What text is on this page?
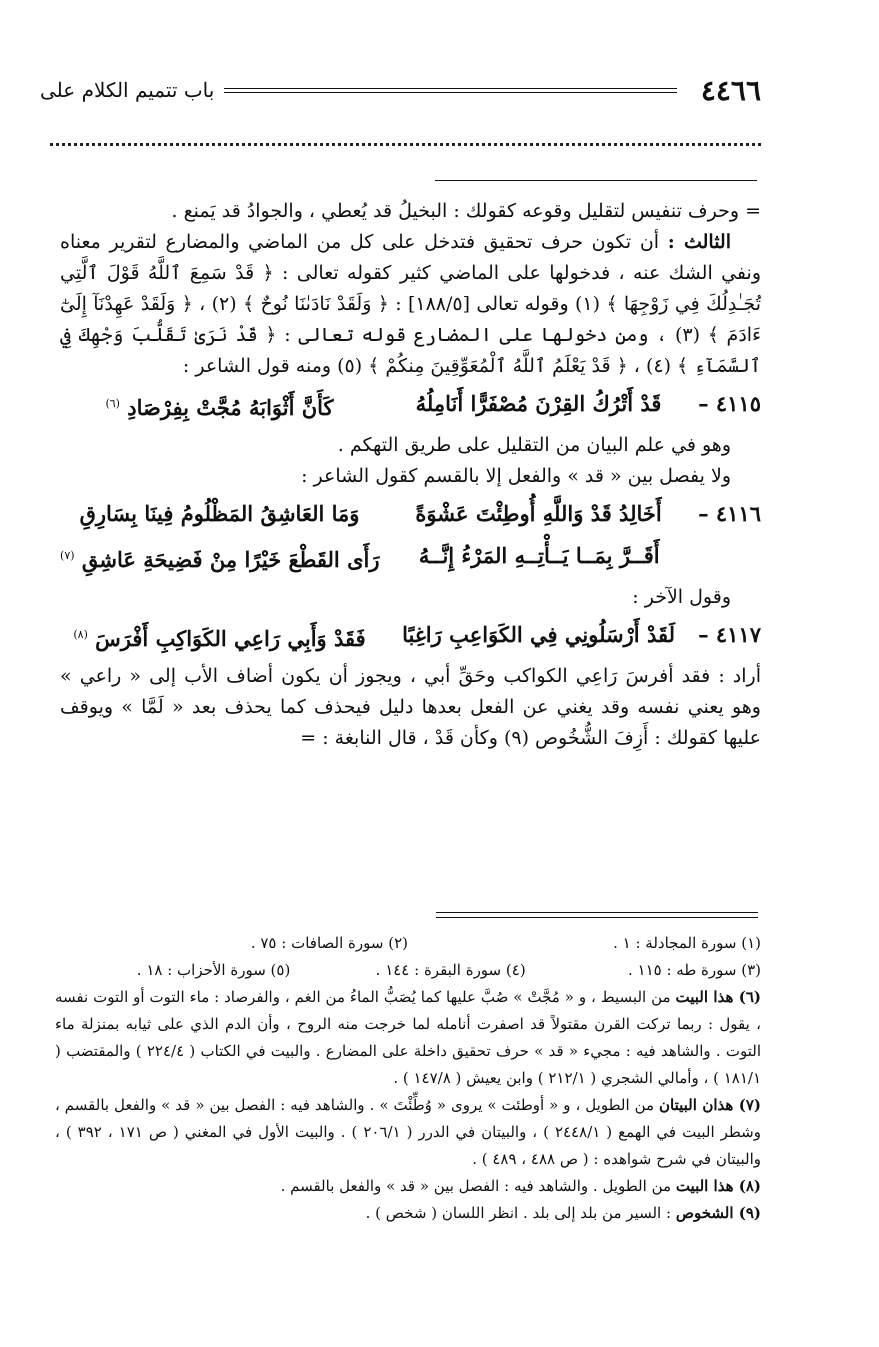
٤٤٦٦
باب تتميم الكلام على

= وحرف تنفيس لتقليل وقوعه كقولك : البخيلُ قد يُعطي ، والجوادُ قد يَمنع .

الثالث : أن تكون حرف تحقيق فتدخل على كل من الماضي والمضارع لتقرير معناه ونفي الشك عنه ، فدخولها على الماضي كثير كقوله تعالى : ﴿ قَدْ سَمِعَ ٱللَّهُ قَوْلَ ٱلَّتِي تُجَـٰدِلُكَ فِي زَوْجِهَا ﴾ (١) وقوله تعالى [١٨٨/٥] : ﴿ وَلَقَدْ نَادَىٰنَا نُوحٌ ﴾ (٢) ، ﴿ وَلَقَدْ عَهِدْنَآ إِلَىٰٓ ءَادَمَ ﴾ (٣) ، ومن دخولها على المضارع قوله تعالى : ﴿ قَدْ نَرَىٰ تَقَلُّبَ وَجْهِكَ فِي ٱلسَّمَآءِ ﴾ (٤) ، ﴿ قَدْ يَعْلَمُ ٱللَّهُ ٱلْمُعَوِّقِينَ مِنكُمْ ﴾ (٥) ومنه قول الشاعر :

٤١١٥ –
قَدْ أَتْرُكُ القِرْنَ مُصْفَرًّا أَنَامِلُهُ
كَأَنَّ أَثْوَابَهُ مُجَّتْ بِفِرْصَادِ $^{(٦)}$

وهو في علم البيان من التقليل على طريق التهكم .

ولا يفصل بين « قد » والفعل إلا بالقسم كقول الشاعر :

٤١١٦ –
أَخَالِدُ قَدْ وَاللَّهِ أُوطِئْتَ عَشْوَةً
وَمَا العَاشِقُ المَظْلُومُ فِينَا بِسَارِقِ
أَقَــرَّ بِمَــا يَــأْتِــهِ المَرْءُ إِنَّــهُ
رَأَى القَطْعَ خَيْرًا مِنْ فَضِيحَةِ عَاشِقِ $^{(٧)}$

وقول الآخر :

٤١١٧ –
لَقَدْ أَرْسَلُونِي فِي الكَوَاعِبِ رَاغِبًا
فَقَدْ وَأَبِي رَاعِي الكَوَاكِبِ أَفْرَسَ $^{(٨)}$

أراد : فقد أفرسَ رَاعِي الكواكب وحَقِّ أبي ، ويجوز أن يكون أضاف الأب إلى « راعي » وهو يعني نفسه وقد يغني عن الفعل بعدها دليل فيحذف كما يحذف بعد « لَمَّا » ويوقف عليها كقولك : أَزِفَ الشُّخُوص (٩) وكأن قَدْ ، قال النابغة : =

(١) سورة المجادلة : ١ .
(٢) سورة الصافات : ٧٥ .
(٣) سورة طه : ١١٥ .
(٤) سورة البقرة : ١٤٤ .
(٥) سورة الأحزاب : ١٨ .

(٦) هذا البيت من البسيط ، و « مُجَّتْ » صُبَّ عليها كما يُصَبُّ الماءُ من الغم ، والفرصاد : ماء التوت أو التوت نفسه ، يقول : ربما تركت القرن مقتولاً قد اصفرت أنامله لما خرجت منه الروح ، وأن الدم الذي على ثيابه بمنزلة ماء التوت . والشاهد فيه : مجيء « قد » حرف تحقيق داخلة على المضارع . والبيت في الكتاب ( ٢٢٤/٤ ) والمقتضب ( ١٨١/١ ) ، وأمالي الشجري ( ٢١٢/١ ) وابن يعيش ( ١٤٧/٨ ) .

(٧) هذان البيتان من الطويل ، و « أوطئت » يروى « وُطِّئْتَ » . والشاهد فيه : الفصل بين « قد » والفعل بالقسم ، وشطر البيت في الهمع ( ٢٤٤٨/١ ) ، والبيتان في الدرر ( ٢٠٦/١ ) . والبيت الأول في المغني ( ص ١٧١ ، ٣٩٢ ) ، والبيتان في شرح شواهده : ( ص ٤٨٨ ، ٤٨٩ ) .

(٨) هذا البيت من الطويل . والشاهد فيه : الفصل بين « قد » والفعل بالقسم .

(٩) الشخوص : السير من بلد إلى بلد . انظر اللسان ( شخص ) .
